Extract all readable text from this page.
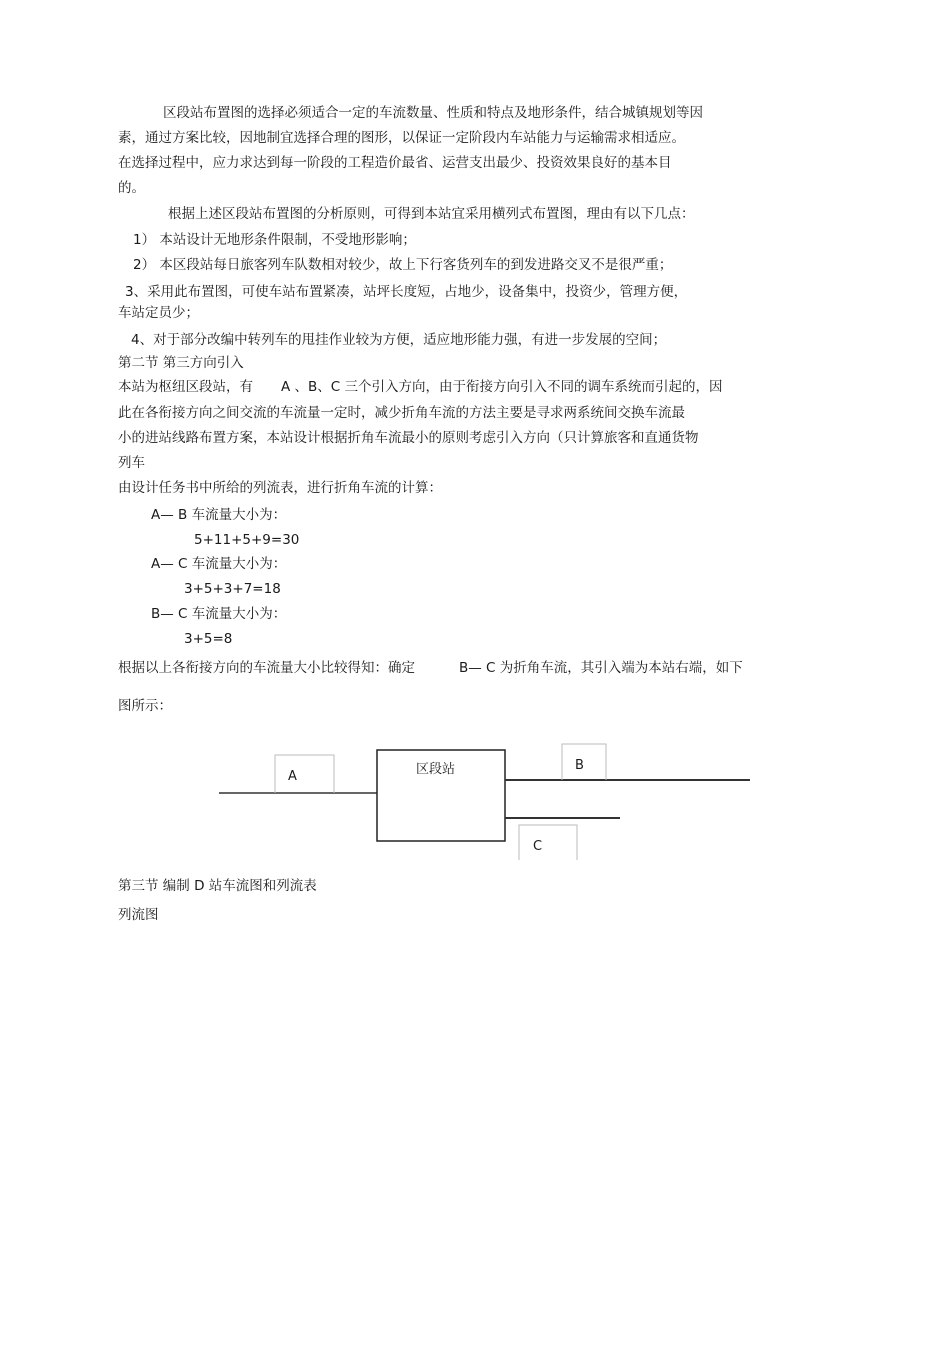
区段站布置图的选择必须适合一定的车流数量、性质和特点及地形条件，结合城镇规划等因
素，通过方案比较，因地制宜选择合理的图形，以保证一定阶段内车站能力与运输需求相适应。
在选择过程中，应力求达到每一阶段的工程造价最省、运营支出最少、投资效果良好的基本目
的。
根据上述区段站布置图的分析原则，可得到本站宜采用横列式布置图，理由有以下几点：
1） 本站设计无地形条件限制，不受地形影响；
2） 本区段站每日旅客列车队数相对较少，故上下行客货列车的到发进路交叉不是很严重；
3、采用此布置图，可使车站布置紧凑，站坪长度短，占地少，设备集中，投资少，管理方便，
车站定员少；
4、对于部分改编中转列车的甩挂作业较为方便，适应地形能力强，有进一步发展的空间；
第二节 第三方向引入
本站为枢纽区段站，有 A 、B、C 三个引入方向，由于衔接方向引入不同的调车系统而引起的，因
此在各衔接方向之间交流的车流量一定时，减少折角车流的方法主要是寻求两系统间交换车流最
小的进站线路布置方案，本站设计根据折角车流最小的原则考虑引入方向（只计算旅客和直通货物
列车
由设计任务书中所给的列流表，进行折角车流的计算：
A— B 车流量大小为：
5+11+5+9=30
A— C 车流量大小为：
3+5+3+7=18
B— C 车流量大小为：
3+5=8
根据以上各衔接方向的车流量大小比较得知：确定	B— C 为折角车流，其引入端为本站右端，如下
图所示：
A	区段站	B
C
第三节 编制 D 站车流图和列流表
列流图
